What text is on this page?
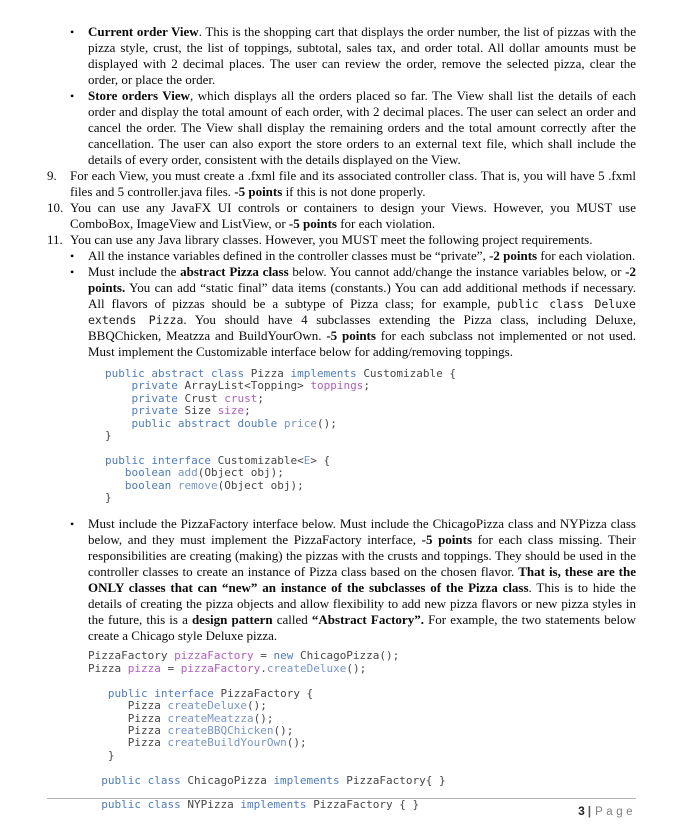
•	Current order View. This is the shopping cart that displays the order number, the list of pizzas with the pizza style, crust, the list of toppings, subtotal, sales tax, and order total. All dollar amounts must be displayed with 2 decimal places. The user can review the order, remove the selected pizza, clear the order, or place the order.
•	Store orders View, which displays all the orders placed so far. The View shall list the details of each order and display the total amount of each order, with 2 decimal places. The user can select an order and cancel the order. The View shall display the remaining orders and the total amount correctly after the cancellation. The user can also export the store orders to an external text file, which shall include the details of every order, consistent with the details displayed on the View.
9.	For each View, you must create a .fxml file and its associated controller class. That is, you will have 5 .fxml files and 5 controller.java files. -5 points if this is not done properly.
10. You can use any JavaFX UI controls or containers to design your Views. However, you MUST use ComboBox, ImageView and ListView, or -5 points for each violation.
11. You can use any Java library classes. However, you MUST meet the following project requirements.
•	All the instance variables defined in the controller classes must be “private”, -2 points for each violation.
•	Must include the abstract Pizza class below. You cannot add/change the instance variables below, or -2 points. You can add “static final” data items (constants.) You can add additional methods if necessary. All flavors of pizzas should be a subtype of Pizza class; for example, public class Deluxe extends Pizza. You should have 4 subclasses extending the Pizza class, including Deluxe, BBQChicken, Meatzza and BuildYourOwn. -5 points for each subclass not implemented or not used. Must implement the Customizable interface below for adding/removing toppings.
public abstract class Pizza implements Customizable {
private ArrayList<Topping> toppings;
private Crust crust;
private Size size;
public abstract double price();
}

public interface Customizable<E> {
boolean add(Object obj);
boolean remove(Object obj);
}
•	Must include the PizzaFactory interface below. Must include the ChicagoPizza class and NYPizza class below, and they must implement the PizzaFactory interface, -5 points for each class missing. Their responsibilities are creating (making) the pizzas with the crusts and toppings. They should be used in the controller classes to create an instance of Pizza class based on the chosen flavor. That is, these are the ONLY classes that can “new” an instance of the subclasses of the Pizza class. This is to hide the details of creating the pizza objects and allow flexibility to add new pizza flavors or new pizza styles in the future, this is a design pattern called “Abstract Factory”. For example, the two statements below create a Chicago style Deluxe pizza.
PizzaFactory pizzaFactory = new ChicagoPizza();
Pizza pizza = pizzaFactory.createDeluxe();

public interface PizzaFactory {
Pizza createDeluxe();
Pizza createMeatzza();
Pizza createBBQChicken();
Pizza createBuildYourOwn();
}

public class ChicagoPizza implements PizzaFactory{ }

public class NYPizza implements PizzaFactory { }	3 | Page
